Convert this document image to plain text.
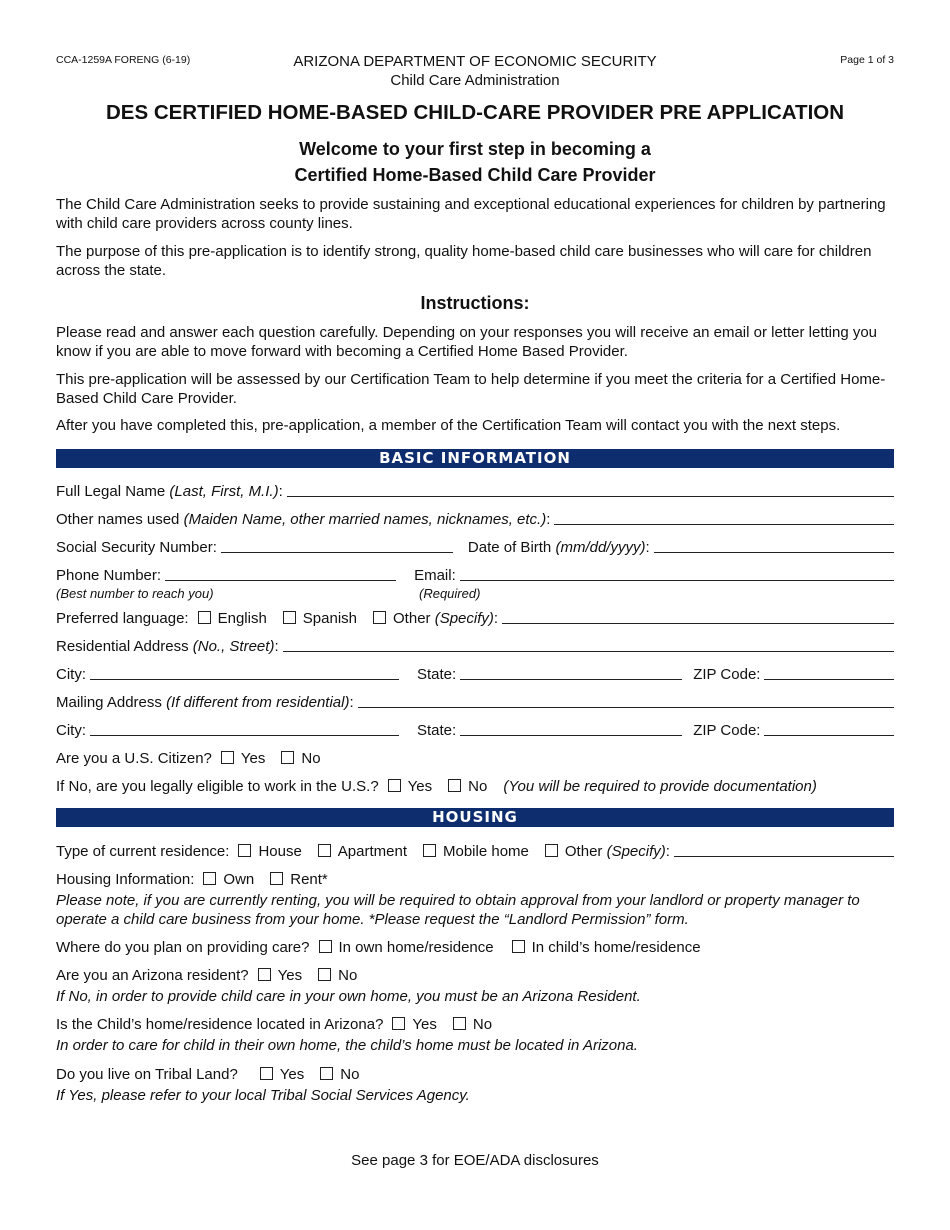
CCA-1259A FORENG (6-19)	ARIZONA DEPARTMENT OF ECONOMIC SECURITY
Child Care Administration
Page 1 of 3
DES CERTIFIED HOME-BASED CHILD-CARE PROVIDER PRE APPLICATION
Welcome to your first step in becoming a
Certified Home-Based Child Care Provider
The Child Care Administration seeks to provide sustaining and exceptional educational experiences for children by partnering with child care providers across county lines.
The purpose of this pre-application is to identify strong, quality home-based child care businesses who will care for children across the state.
Instructions:
Please read and answer each question carefully. Depending on your responses you will receive an email or letter letting you know if you are able to move forward with becoming a Certified Home Based Provider.
This pre-application will be assessed by our Certification Team to help determine if you meet the criteria for a Certified Home-Based Child Care Provider.
After you have completed this, pre-application, a member of the Certification Team will contact you with the next steps.
BASIC INFORMATION
Full Legal Name
(Last, First, M.I.) :
Other names used
(Maiden Name, other married names, nicknames, etc.) :
Social Security Number:	Date of Birth
(mm/dd/yyyy) :
Phone Number:	Email:
(Best number to reach you)	(Required)
Preferred language: English Spanish Other
(Specify) :
Residential Address
(No., Street) :
City:	State:	ZIP Code:
Mailing Address
(If different from residential) :
City:	State:	ZIP Code:
Are you a U.S. Citizen? Yes No
If No, are you legally eligible to work in the U.S.? Yes No (You will be required to provide documentation)
HOUSING
Type of current residence: House Apartment Mobile home Other
(Specify) :
Housing Information: Own Rent*
Please note, if you are currently renting, you will be required to obtain approval from your landlord or property manager to operate a child care business from your home. *Please request the “Landlord Permission” form.
Where do you plan on providing care? In own home/residence	In child’s home/residence
Are you an Arizona resident? Yes No
If No, in order to provide child care in your own home, you must be an Arizona Resident.
Is the Child’s home/residence located in Arizona? Yes No
In order to care for child in their own home, the child’s home must be located in Arizona.
Do you live on Tribal Land?	Yes No
If Yes, please refer to your local Tribal Social Services Agency.
See page 3 for EOE/ADA disclosures
